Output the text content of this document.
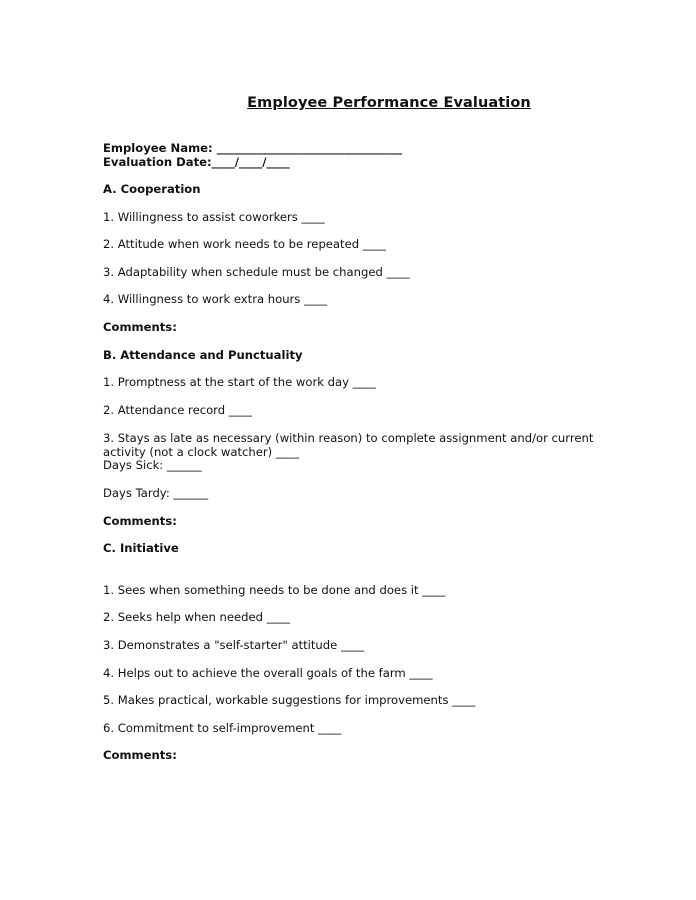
Employee Performance Evaluation
Employee Name: ________________________________
Evaluation Date:____/____/____
A. Cooperation
1. Willingness to assist coworkers ____
2. Attitude when work needs to be repeated ____
3. Adaptability when schedule must be changed ____
4. Willingness to work extra hours ____
Comments:
B. Attendance and Punctuality
1. Promptness at the start of the work day ____
2. Attendance record ____
3. Stays as late as necessary (within reason) to complete assignment and/or current activity (not a clock watcher) ____
Days Sick: ______
Days Tardy: ______
Comments:
C. Initiative
1. Sees when something needs to be done and does it ____
2. Seeks help when needed ____
3. Demonstrates a "self-starter" attitude ____
4. Helps out to achieve the overall goals of the farm ____
5. Makes practical, workable suggestions for improvements ____
6. Commitment to self-improvement ____
Comments:
